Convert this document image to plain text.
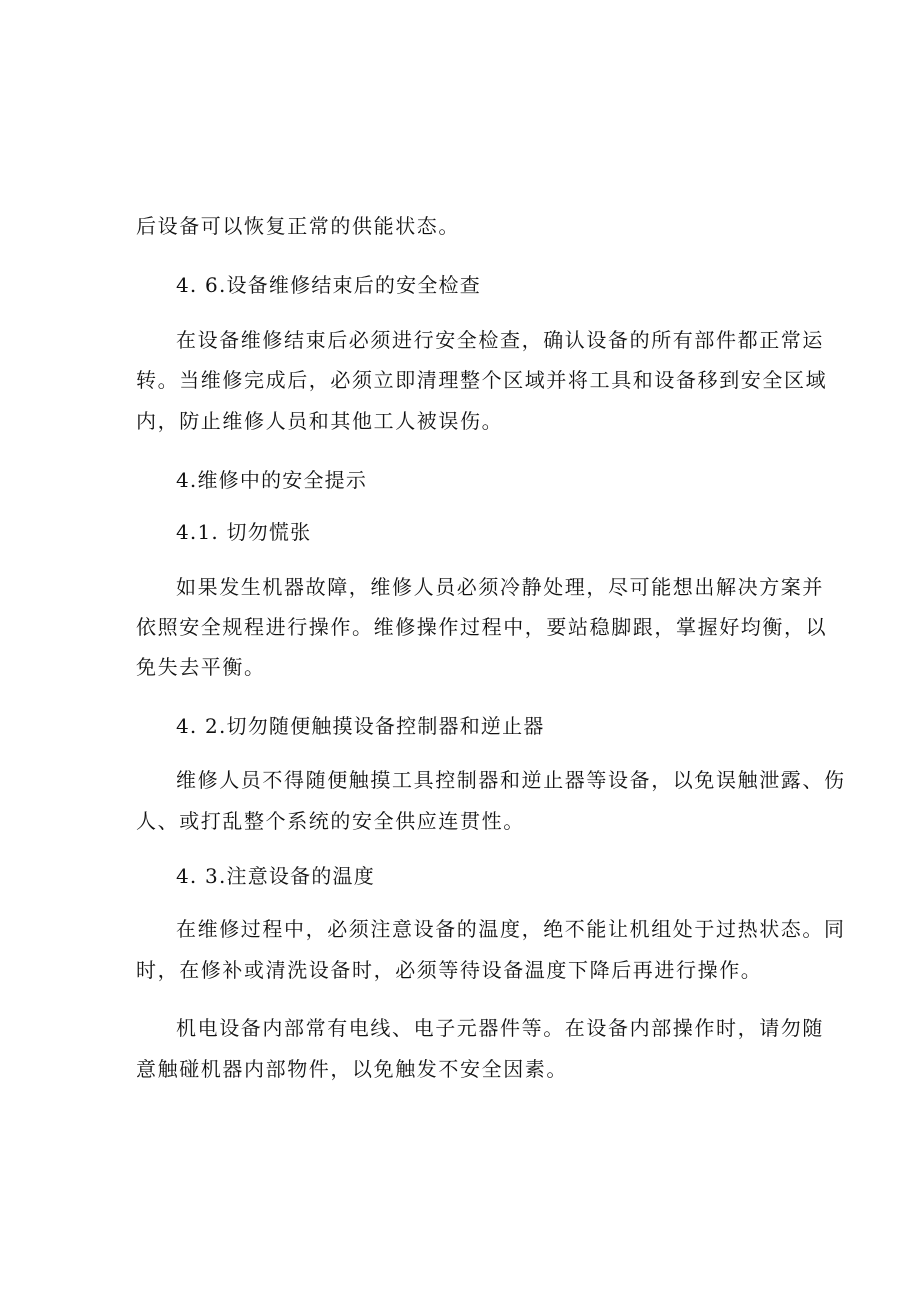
后设备可以恢复正常的供能状态。
4. 6.设备维修结束后的安全检查
在设备维修结束后必须进行安全检查，确认设备的所有部件都正常运
转。当维修完成后，必须立即清理整个区域并将工具和设备移到安全区域
内，防止维修人员和其他工人被误伤。
4.维修中的安全提示
4.1. 切勿慌张
如果发生机器故障，维修人员必须冷静处理，尽可能想出解决方案并
依照安全规程进行操作。维修操作过程中，要站稳脚跟，掌握好均衡，以
免失去平衡。
4. 2.切勿随便触摸设备控制器和逆止器
维修人员不得随便触摸工具控制器和逆止器等设备，以免误触泄露、伤
人、或打乱整个系统的安全供应连贯性。
4. 3.注意设备的温度
在维修过程中，必须注意设备的温度，绝不能让机组处于过热状态。同
时，在修补或清洗设备时，必须等待设备温度下降后再进行操作。
机电设备内部常有电线、电子元器件等。在设备内部操作时，请勿随
意触碰机器内部物件，以免触发不安全因素。
